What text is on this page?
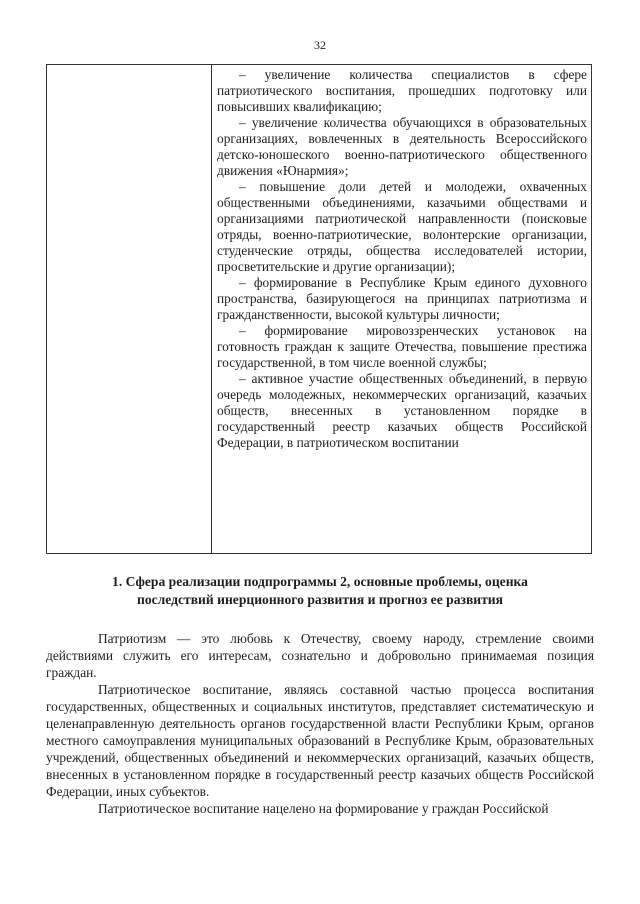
32

– увеличение количества специалистов в сфере патриотического воспитания, прошедших подготовку или повысивших квалификацию;

– увеличение количества обучающихся в образовательных организациях, вовлеченных в деятельность Всероссийского детско-юношеского военно-патриотического общественного движения «Юнармия»;

– повышение доли детей и молодежи, охваченных общественными объединениями, казачьими обществами и организациями патриотической направленности (поисковые отряды, военно-патриотические, волонтерские организации, студенческие отряды, общества исследователей истории, просветительские и другие организации);

– формирование в Республике Крым единого духовного пространства, базирующегося на принципах патриотизма и гражданственности, высокой культуры личности;

– формирование мировоззренческих установок на готовность граждан к защите Отечества, повышение престижа государственной, в том числе военной службы;

– активное участие общественных объединений, в первую очередь молодежных, некоммерческих организаций, казачьих обществ, внесенных в установленном порядке в государственный реестр казачьих обществ Российской Федерации, в патриотическом воспитании

1. Сфера реализации подпрограммы 2, основные проблемы, оценка
последствий инерционного развития и прогноз ее развития

Патриотизм — это любовь к Отечеству, своему народу, стремление своими действиями служить его интересам, сознательно и добровольно принимаемая позиция граждан.

Патриотическое воспитание, являясь составной частью процесса воспитания государственных, общественных и социальных институтов, представляет систематическую и целенаправленную деятельность органов государственной власти Республики Крым, органов местного самоуправления муниципальных образований в Республике Крым, образовательных учреждений, общественных объединений и некоммерческих организаций, казачьих обществ, внесенных в установленном порядке в государственный реестр казачьих обществ Российской Федерации, иных субъектов.

Патриотическое воспитание нацелено на формирование у граждан Российской
